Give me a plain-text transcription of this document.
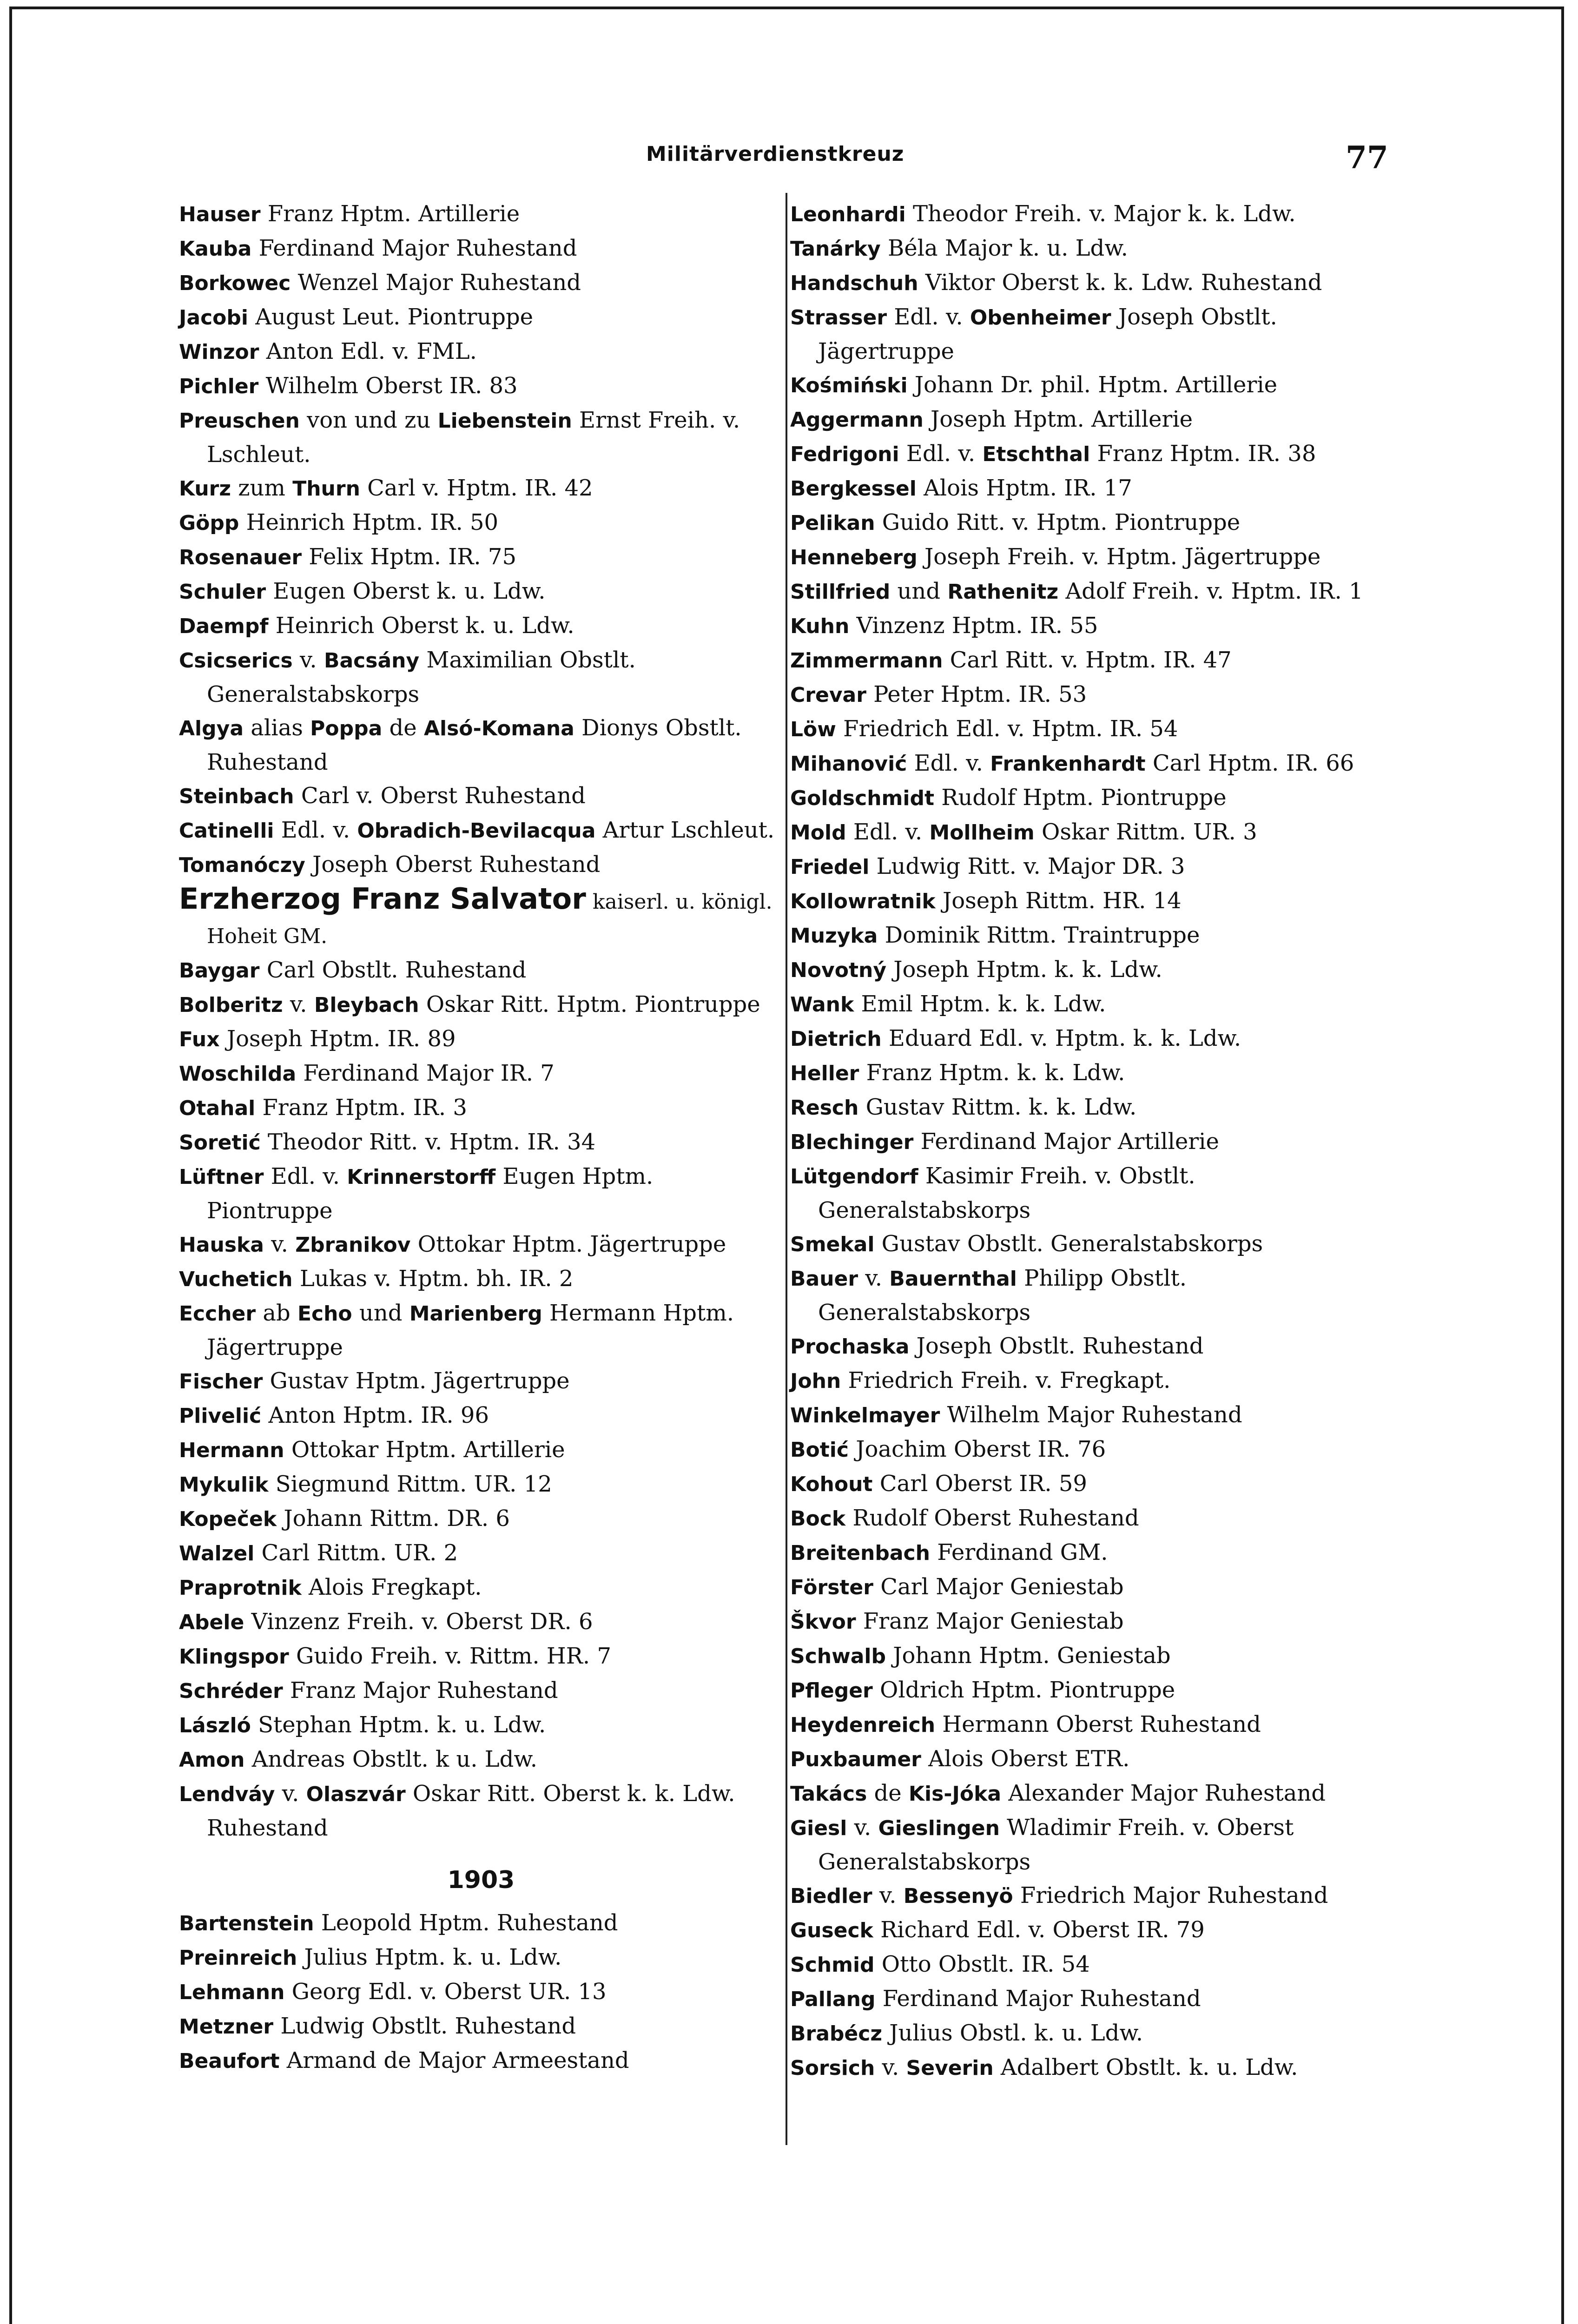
Militärverdienstkreuz	77
Hauser Franz Hptm. Artillerie
Kauba Ferdinand Major Ruhestand
Borkowec Wenzel Major Ruhestand
Jacobi August Leut. Piontruppe
Winzor Anton Edl. v. FML.
Pichler Wilhelm Oberst IR. 83
Preuschen von und zu Liebenstein Ernst Freih. v. Lschleut.
Kurz zum Thurn Carl v. Hptm. IR. 42
Göpp Heinrich Hptm. IR. 50
Rosenauer Felix Hptm. IR. 75
Schuler Eugen Oberst k. u. Ldw.
Daempf Heinrich Oberst k. u. Ldw.
Csicserics v. Bacsány Maximilian Obstlt. Generalstabskorps
Algya alias Poppa de Alsó-Komana Dionys Obstlt. Ruhestand
Steinbach Carl v. Oberst Ruhestand
Catinelli Edl. v. Obradich-Bevilacqua Artur Lschleut.
Tomanóczy Joseph Oberst Ruhestand
Erzherzog Franz Salvator kaiserl. u. königl. Hoheit GM.
Baygar Carl Obstlt. Ruhestand
Bolberitz v. Bleybach Oskar Ritt. Hptm. Piontruppe
Fux Joseph Hptm. IR. 89
Woschilda Ferdinand Major IR. 7
Otahal Franz Hptm. IR. 3
Soretić Theodor Ritt. v. Hptm. IR. 34
Lüftner Edl. v. Krinnerstorff Eugen Hptm. Piontruppe
Hauska v. Zbranikov Ottokar Hptm. Jägertruppe
Vuchetich Lukas v. Hptm. bh. IR. 2
Eccher ab Echo und Marienberg Hermann Hptm. Jägertruppe
Fischer Gustav Hptm. Jägertruppe
Plivelić Anton Hptm. IR. 96
Hermann Ottokar Hptm. Artillerie
Mykulik Siegmund Rittm. UR. 12
Kopeček Johann Rittm. DR. 6
Walzel Carl Rittm. UR. 2
Praprotnik Alois Fregkapt.
Abele Vinzenz Freih. v. Oberst DR. 6
Klingspor Guido Freih. v. Rittm. HR. 7
Schréder Franz Major Ruhestand
László Stephan Hptm. k. u. Ldw.
Amon Andreas Obstlt. k u. Ldw.
Lendváy v. Olaszvár Oskar Ritt. Oberst k. k. Ldw. Ruhestand
1903
Bartenstein Leopold Hptm. Ruhestand
Preinreich Julius Hptm. k. u. Ldw.
Lehmann Georg Edl. v. Oberst UR. 13
Metzner Ludwig Obstlt. Ruhestand
Beaufort Armand de Major Armeestand
Leonhardi Theodor Freih. v. Major k. k. Ldw.
Tanárky Béla Major k. u. Ldw.
Handschuh Viktor Oberst k. k. Ldw. Ruhestand
Strasser Edl. v. Obenheimer Joseph Obstlt. Jägertruppe
Kośmiński Johann Dr. phil. Hptm. Artillerie
Aggermann Joseph Hptm. Artillerie
Fedrigoni Edl. v. Etschthal Franz Hptm. IR. 38
Bergkessel Alois Hptm. IR. 17
Pelikan Guido Ritt. v. Hptm. Piontruppe
Henneberg Joseph Freih. v. Hptm. Jägertruppe
Stillfried und Rathenitz Adolf Freih. v. Hptm. IR. 1
Kuhn Vinzenz Hptm. IR. 55
Zimmermann Carl Ritt. v. Hptm. IR. 47
Crevar Peter Hptm. IR. 53
Löw Friedrich Edl. v. Hptm. IR. 54
Mihanović Edl. v. Frankenhardt Carl Hptm. IR. 66
Goldschmidt Rudolf Hptm. Piontruppe
Mold Edl. v. Mollheim Oskar Rittm. UR. 3
Friedel Ludwig Ritt. v. Major DR. 3
Kollowratnik Joseph Rittm. HR. 14
Muzyka Dominik Rittm. Traintruppe
Novotný Joseph Hptm. k. k. Ldw.
Wank Emil Hptm. k. k. Ldw.
Dietrich Eduard Edl. v. Hptm. k. k. Ldw.
Heller Franz Hptm. k. k. Ldw.
Resch Gustav Rittm. k. k. Ldw.
Blechinger Ferdinand Major Artillerie
Lütgendorf Kasimir Freih. v. Obstlt. Generalstabskorps
Smekal Gustav Obstlt. Generalstabskorps
Bauer v. Bauernthal Philipp Obstlt. Generalstabskorps
Prochaska Joseph Obstlt. Ruhestand
John Friedrich Freih. v. Fregkapt.
Winkelmayer Wilhelm Major Ruhestand
Botić Joachim Oberst IR. 76
Kohout Carl Oberst IR. 59
Bock Rudolf Oberst Ruhestand
Breitenbach Ferdinand GM.
Förster Carl Major Geniestab
Škvor Franz Major Geniestab
Schwalb Johann Hptm. Geniestab
Pfleger Oldrich Hptm. Piontruppe
Heydenreich Hermann Oberst Ruhestand
Puxbaumer Alois Oberst ETR.
Takács de Kis-Jóka Alexander Major Ruhestand
Giesl v. Gieslingen Wladimir Freih. v. Oberst Generalstabskorps
Biedler v. Bessenyö Friedrich Major Ruhestand
Guseck Richard Edl. v. Oberst IR. 79
Schmid Otto Obstlt. IR. 54
Pallang Ferdinand Major Ruhestand
Brabécz Julius Obstl. k. u. Ldw.
Sorsich v. Severin Adalbert Obstlt. k. u. Ldw.
